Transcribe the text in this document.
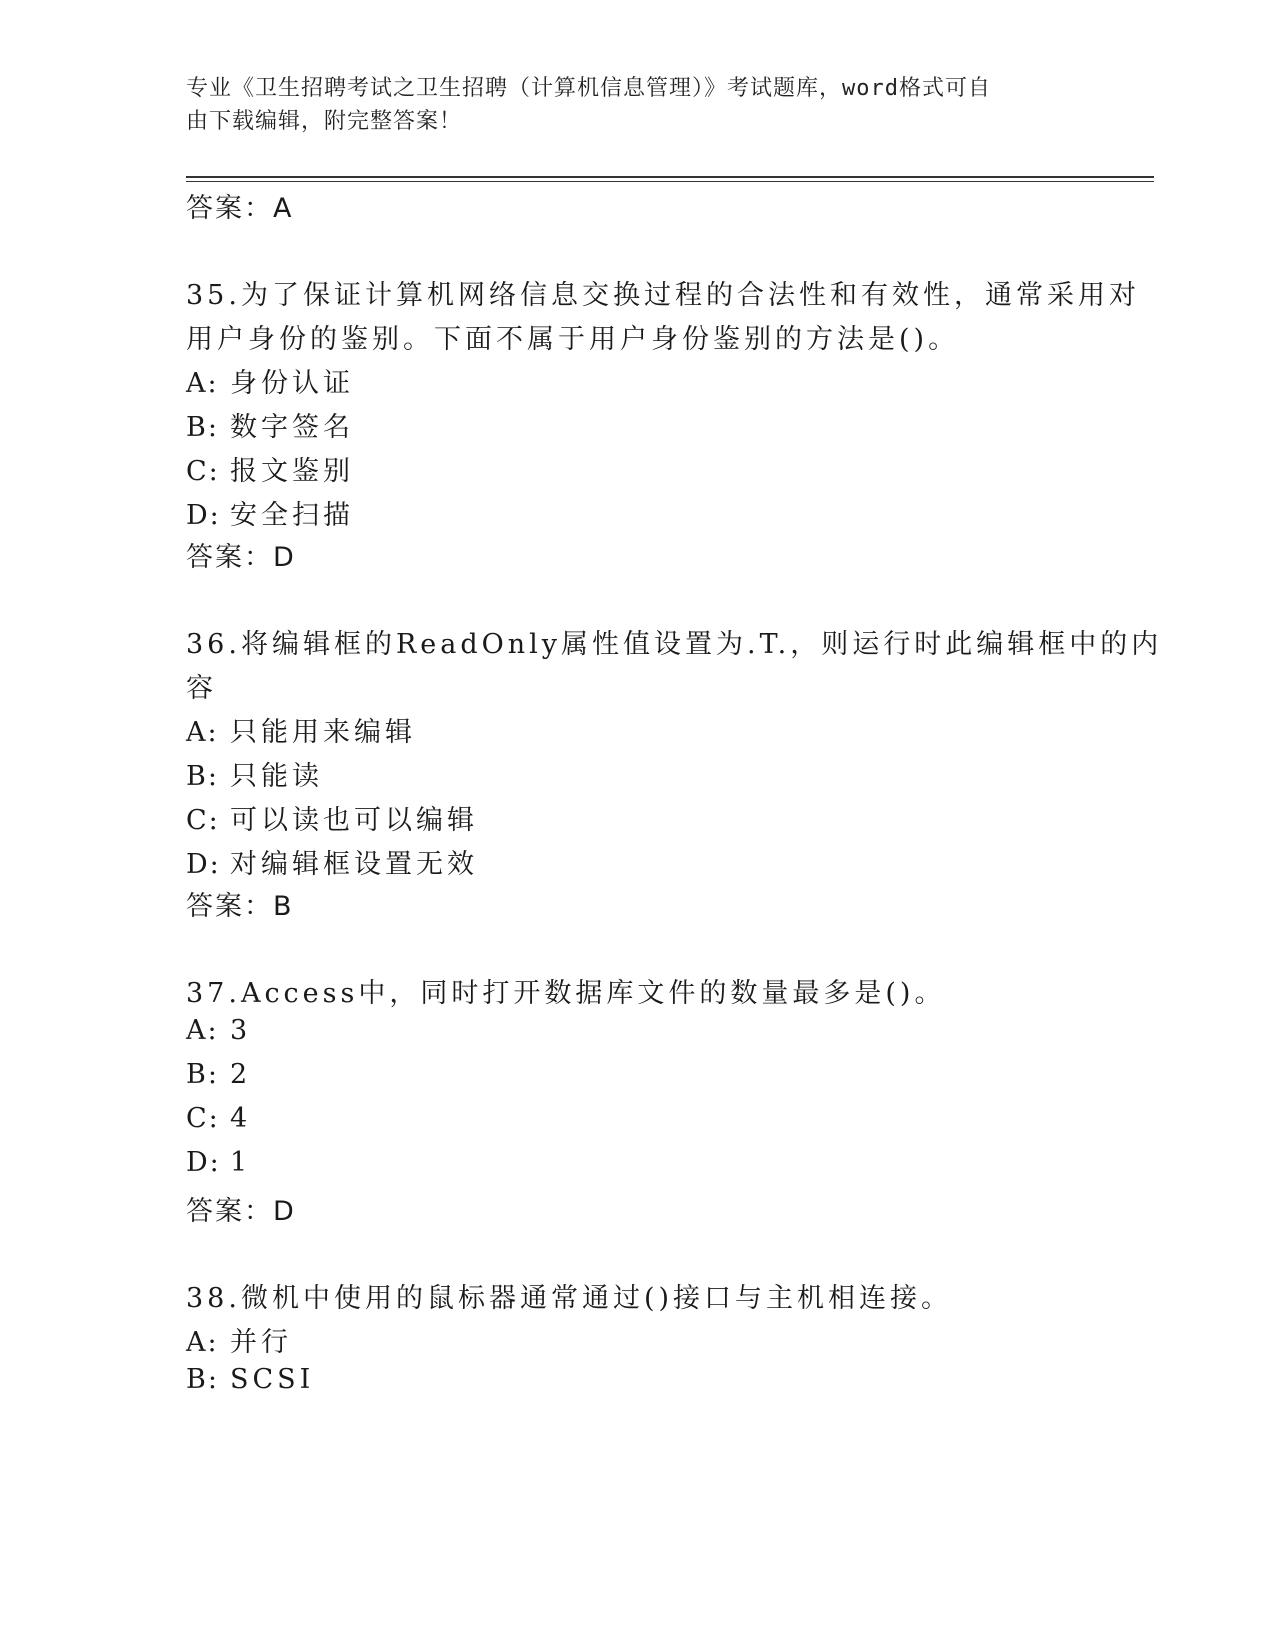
专业《卫生招聘考试之卫生招聘（计算机信息管理）》考试题库，word格式可自
由下载编辑，附完整答案！
答案：A
35.为了保证计算机网络信息交换过程的合法性和有效性，通常采用对
用户身份的鉴别。下面不属于用户身份鉴别的方法是()。
A: 身份认证
B: 数字签名
C: 报文鉴别
D: 安全扫描
答案：D
36.将编辑框的ReadOnly属性值设置为.T.，则运行时此编辑框中的内
容
A: 只能用来编辑
B: 只能读
C: 可以读也可以编辑
D: 对编辑框设置无效
答案：B
37.Access中，同时打开数据库文件的数量最多是()。
A: 3
B: 2
C: 4
D: 1
答案：D
38.微机中使用的鼠标器通常通过()接口与主机相连接。
A: 并行
B: SCSI
